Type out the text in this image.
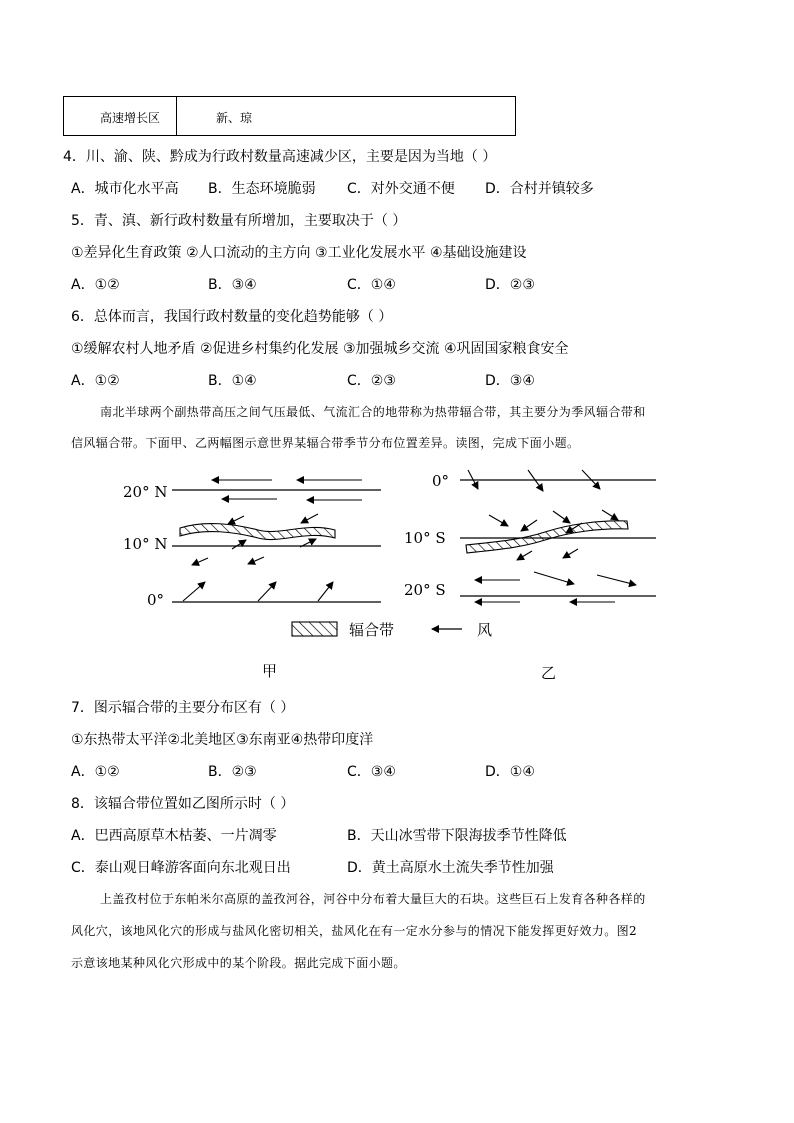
高速增长区	新、琼
4．川、渝、陕、黔成为行政村数量高速减少区，主要是因为当地（ ）
A．城市化水平高 B．生态环境脆弱 C．对外交通不便 D．合村并镇较多
5．青、滇、新行政村数量有所增加，主要取决于（ ）
①差异化生育政策 ②人口流动的主方向 ③工业化发展水平 ④基础设施建设
A．①②	B．③④	C．①④	D．②③
6．总体而言，我国行政村数量的变化趋势能够（ ）
①缓解农村人地矛盾 ②促进乡村集约化发展 ③加强城乡交流 ④巩固国家粮食安全
A．①②	B．①④	C．②③	D．③④
南北半球两个副热带高压之间气压最低、气流汇合的地带称为热带辐合带，其主要分为季风辐合带和
信风辐合带。下面甲、乙两幅图示意世界某辐合带季节分布位置差异。读图，完成下面小题。
20° N
10° N
0°
0°
10° S
20° S
辐合带	风
甲	乙
7．图示辐合带的主要分布区有（ ）
①东热带太平洋②北美地区③东南亚④热带印度洋
A．①②	B．②③	C．③④	D．①④
8．该辐合带位置如乙图所示时（ ）
A．巴西高原草木枯萎、一片凋零	B．天山冰雪带下限海拔季节性降低
C．泰山观日峰游客面向东北观日出	D．黄土高原水土流失季节性加强
上盖孜村位于东帕米尔高原的盖孜河谷，河谷中分布着大量巨大的石块。这些巨石上发育各种各样的
风化穴，该地风化穴的形成与盐风化密切相关，盐风化在有一定水分参与的情况下能发挥更好效力。图2
示意该地某种风化穴形成中的某个阶段。据此完成下面小题。
